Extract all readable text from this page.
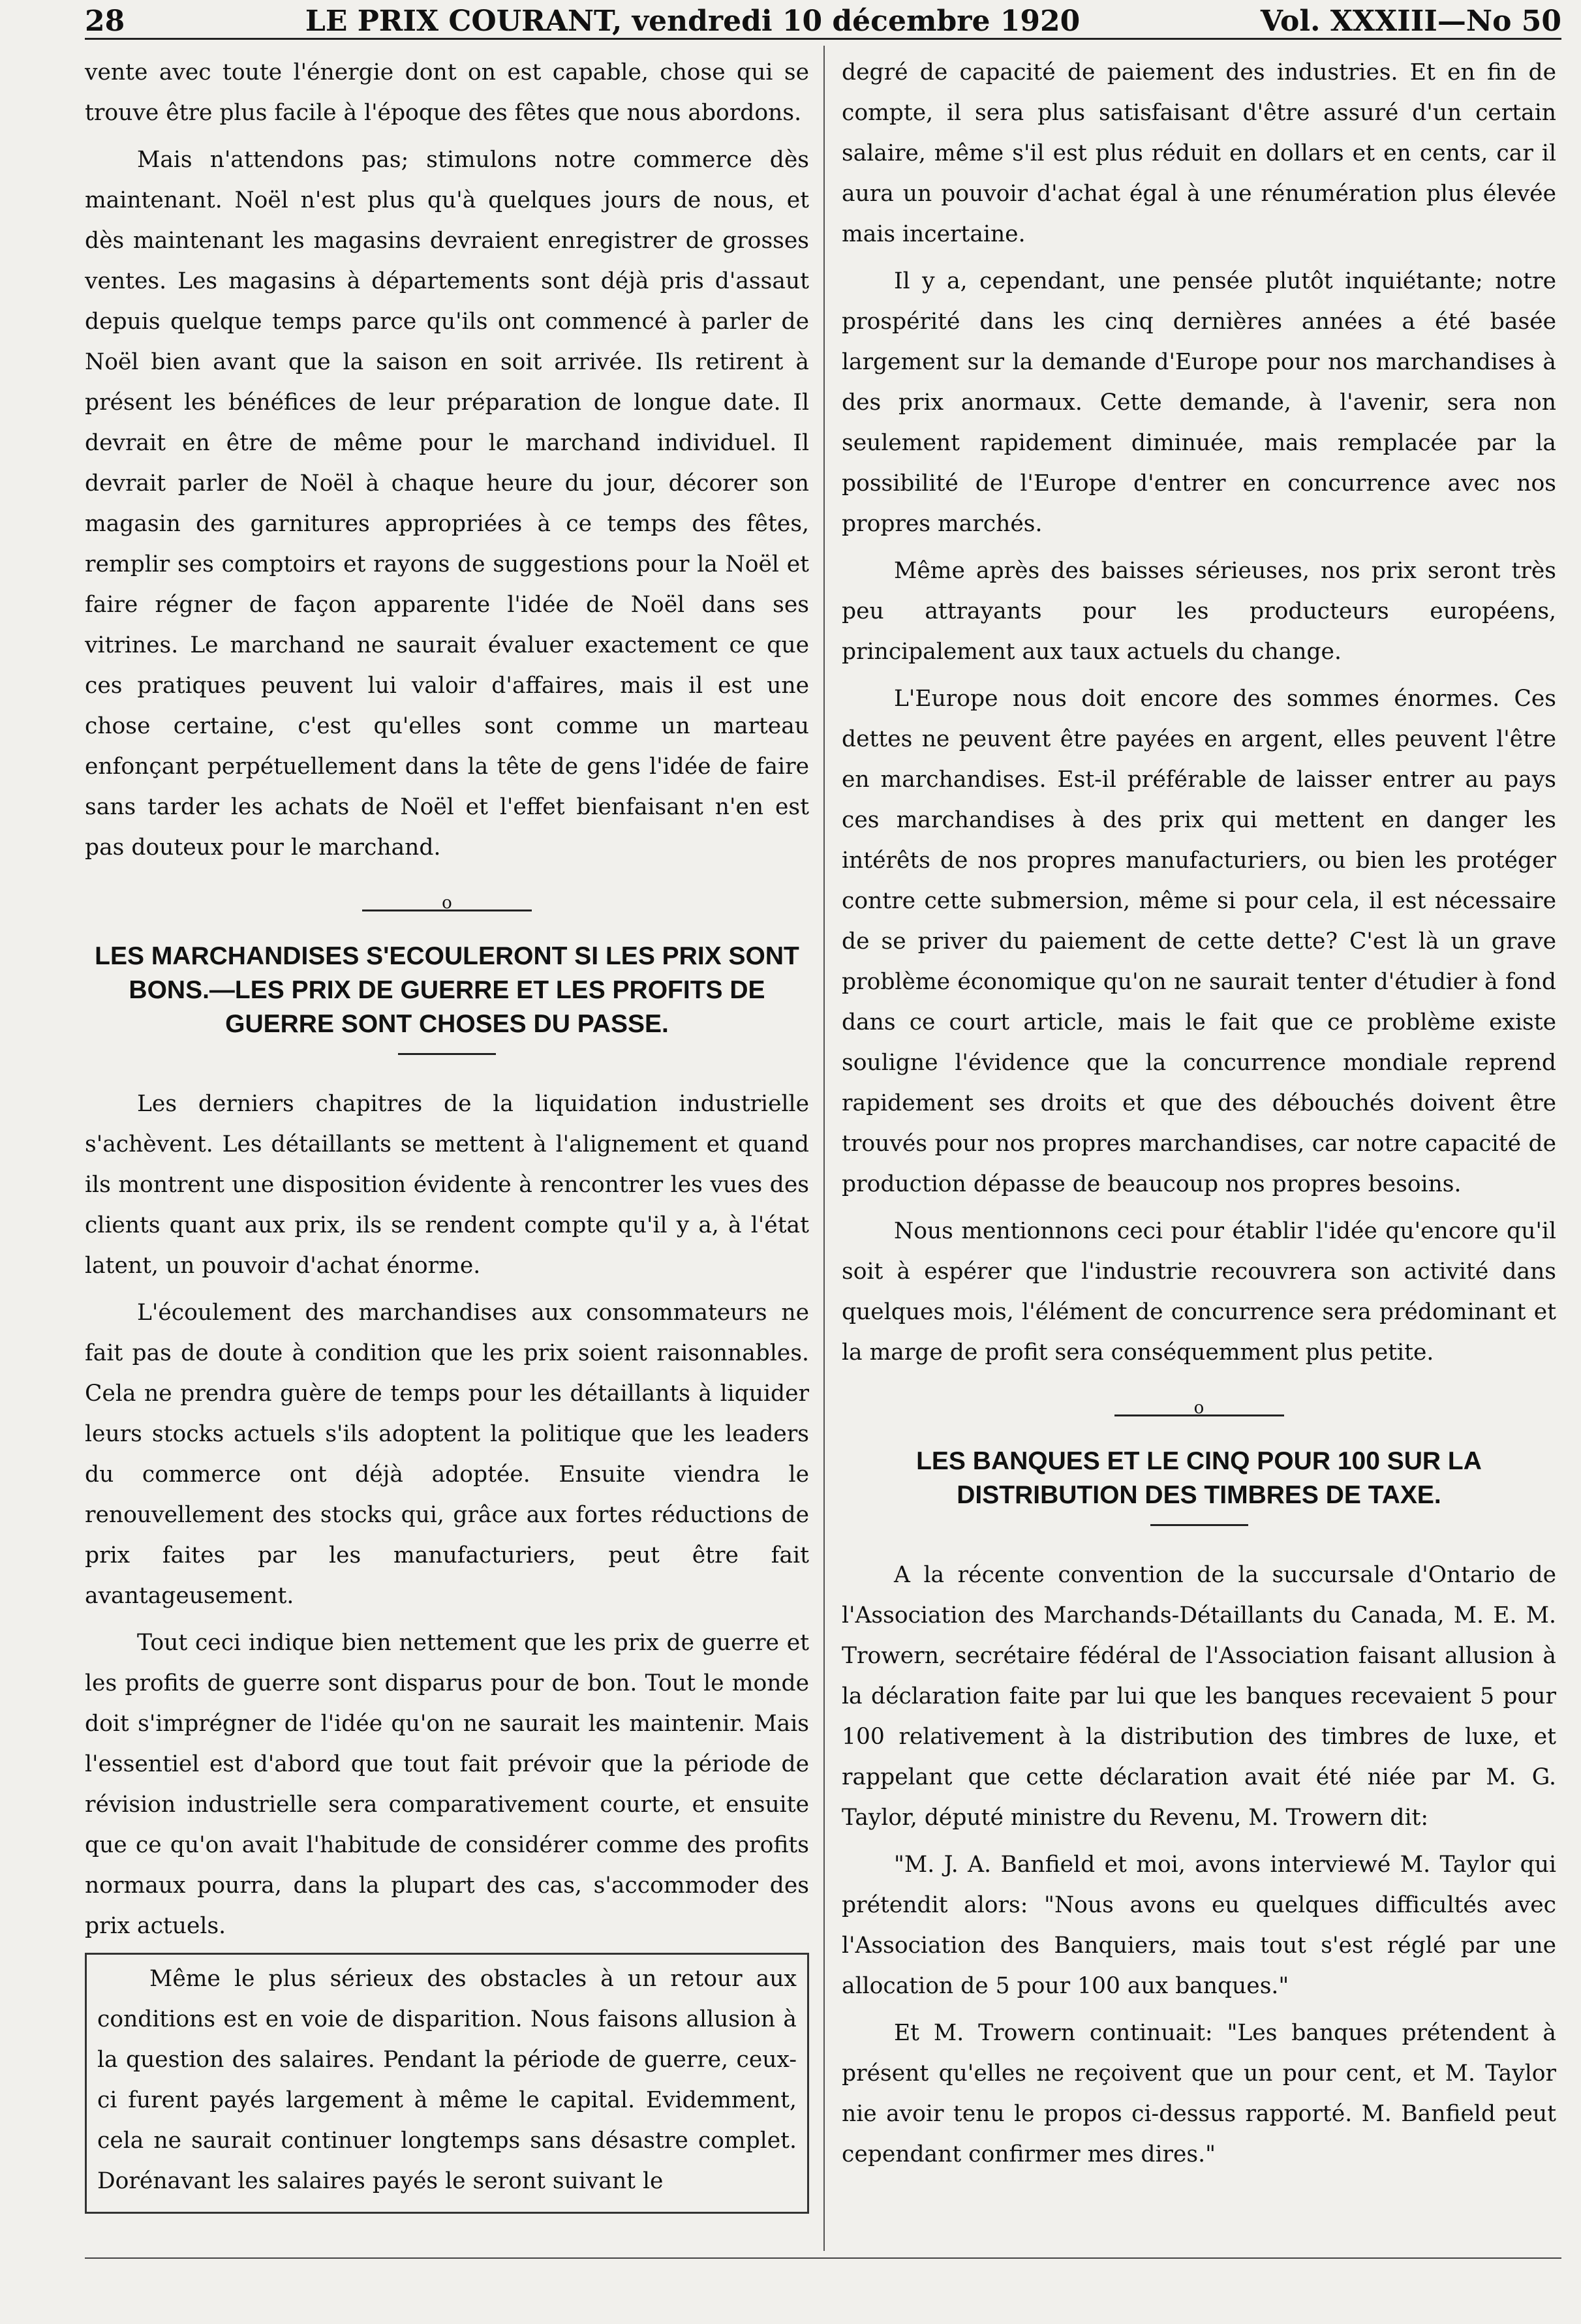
28	LE PRIX COURANT, vendredi 10 décembre 1920	Vol. XXXIII—No 50

vente avec toute l'énergie dont on est capable, chose qui se trouve être plus facile à l'époque des fêtes que nous abordons.

Mais n'attendons pas; stimulons notre commerce dès maintenant. Noël n'est plus qu'à quelques jours de nous, et dès maintenant les magasins devraient enregistrer de grosses ventes. Les magasins à départements sont déjà pris d'assaut depuis quelque temps parce qu'ils ont commencé à parler de Noël bien avant que la saison en soit arrivée. Ils retirent à présent les bénéfices de leur préparation de longue date. Il devrait en être de même pour le marchand individuel. Il devrait parler de Noël à chaque heure du jour, décorer son magasin des garnitures appropriées à ce temps des fêtes, remplir ses comptoirs et rayons de suggestions pour la Noël et faire régner de façon apparente l'idée de Noël dans ses vitrines. Le marchand ne saurait évaluer exactement ce que ces pratiques peuvent lui valoir d'affaires, mais il est une chose certaine, c'est qu'elles sont comme un marteau enfonçant perpétuellement dans la tête de gens l'idée de faire sans tarder les achats de Noël et l'effet bienfaisant n'en est pas douteux pour le marchand.

o
LES MARCHANDISES S'ECOULERONT SI LES PRIX SONT BONS.—LES PRIX DE GUERRE ET LES PROFITS DE GUERRE SONT CHOSES DU PASSE.

Les derniers chapitres de la liquidation industrielle s'achèvent. Les détaillants se mettent à l'alignement et quand ils montrent une disposition évidente à rencontrer les vues des clients quant aux prix, ils se rendent compte qu'il y a, à l'état latent, un pouvoir d'achat énorme.

L'écoulement des marchandises aux consommateurs ne fait pas de doute à condition que les prix soient raisonnables. Cela ne prendra guère de temps pour les détaillants à liquider leurs stocks actuels s'ils adoptent la politique que les leaders du commerce ont déjà adoptée. Ensuite viendra le renouvellement des stocks qui, grâce aux fortes réductions de prix faites par les manufacturiers, peut être fait avantageusement.

Tout ceci indique bien nettement que les prix de guerre et les profits de guerre sont disparus pour de bon. Tout le monde doit s'imprégner de l'idée qu'on ne saurait les maintenir. Mais l'essentiel est d'abord que tout fait prévoir que la période de révision industrielle sera comparativement courte, et ensuite que ce qu'on avait l'habitude de considérer comme des profits normaux pourra, dans la plupart des cas, s'accommoder des prix actuels.

Même le plus sérieux des obstacles à un retour aux conditions est en voie de disparition. Nous faisons allusion à la question des salaires. Pendant la période de guerre, ceux-ci furent payés largement à même le capital. Evidemment, cela ne saurait continuer longtemps sans désastre complet. Dorénavant les salaires payés le seront suivant le

degré de capacité de paiement des industries. Et en fin de compte, il sera plus satisfaisant d'être assuré d'un certain salaire, même s'il est plus réduit en dollars et en cents, car il aura un pouvoir d'achat égal à une rénumération plus élevée mais incertaine.

Il y a, cependant, une pensée plutôt inquiétante; notre prospérité dans les cinq dernières années a été basée largement sur la demande d'Europe pour nos marchandises à des prix anormaux. Cette demande, à l'avenir, sera non seulement rapidement diminuée, mais remplacée par la possibilité de l'Europe d'entrer en concurrence avec nos propres marchés.

Même après des baisses sérieuses, nos prix seront très peu attrayants pour les producteurs européens, principalement aux taux actuels du change.

L'Europe nous doit encore des sommes énormes. Ces dettes ne peuvent être payées en argent, elles peuvent l'être en marchandises. Est-il préférable de laisser entrer au pays ces marchandises à des prix qui mettent en danger les intérêts de nos propres manufacturiers, ou bien les protéger contre cette submersion, même si pour cela, il est nécessaire de se priver du paiement de cette dette? C'est là un grave problème économique qu'on ne saurait tenter d'étudier à fond dans ce court article, mais le fait que ce problème existe souligne l'évidence que la concurrence mondiale reprend rapidement ses droits et que des débouchés doivent être trouvés pour nos propres marchandises, car notre capacité de production dépasse de beaucoup nos propres besoins.

Nous mentionnons ceci pour établir l'idée qu'encore qu'il soit à espérer que l'industrie recouvrera son activité dans quelques mois, l'élément de concurrence sera prédominant et la marge de profit sera conséquemment plus petite.

o
LES BANQUES ET LE CINQ POUR 100 SUR LA DISTRIBUTION DES TIMBRES DE TAXE.

A la récente convention de la succursale d'Ontario de l'Association des Marchands-Détaillants du Canada, M. E. M. Trowern, secrétaire fédéral de l'Association faisant allusion à la déclaration faite par lui que les banques recevaient 5 pour 100 relativement à la distribution des timbres de luxe, et rappelant que cette déclaration avait été niée par M. G. Taylor, député ministre du Revenu, M. Trowern dit:

"M. J. A. Banfield et moi, avons interviewé M. Taylor qui prétendit alors: "Nous avons eu quelques difficultés avec l'Association des Banquiers, mais tout s'est réglé par une allocation de 5 pour 100 aux banques."

Et M. Trowern continuait: "Les banques prétendent à présent qu'elles ne reçoivent que un pour cent, et M. Taylor nie avoir tenu le propos ci-dessus rapporté. M. Banfield peut cependant confirmer mes dires."
